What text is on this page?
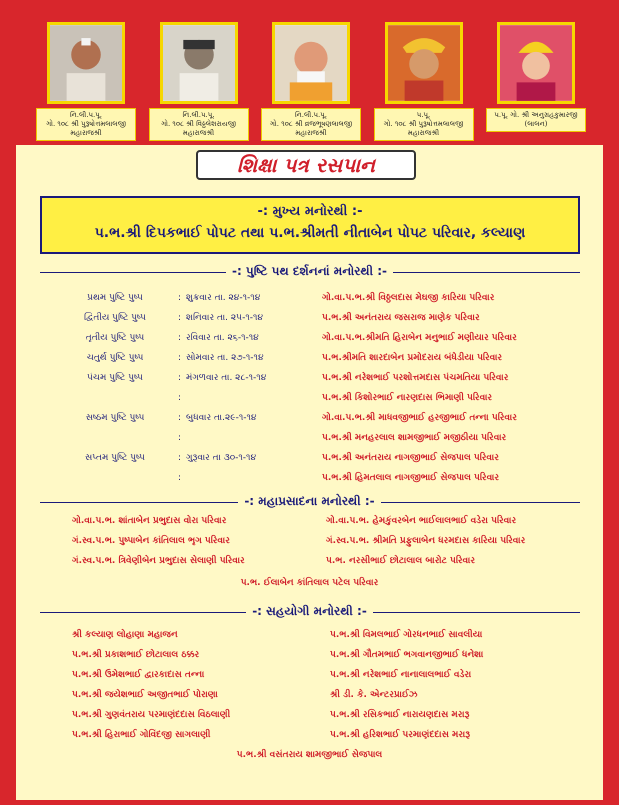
નિ.લી.પ.પૂ.
ગો. ૧૦૮ શ્રી પુરૂષોત્તમલાલજી
મહારાજશ્રી
નિ.લી.પ.પૂ.
ગો. ૧૦૮ શ્રી વિઠ્ઠલેશરાયજી
મહારાજશ્રી
નિ.લી.પ.પૂ.
ગો. ૧૦૮ શ્રી વ્રજભૂષણલાલજી
મહારાજશ્રી
પ.પૂ.
ગો. ૧૦૮ શ્રી પુરૂષોત્તમલાલજી
મહારાજશ્રી
પ.પૂ. ગો. શ્રી અનુગ્રહકુમારજી
(લાલન)
શિક્ષા પત્ર રસપાન
-: મુખ્ય મનોરથી :-
પ.ભ.શ્રી દિપકભાઈ પોપટ તથા પ.ભ.શ્રીમતી નીતાબેન પોપટ પરિવાર, કલ્યાણ
-: પુષ્ટિ પથ દર્શનનાં મનોરથી :-
પ્રથમ પુષ્ટિ પુષ્પ	: શુક્રવાર તા. ૨૪-૧-૧૪	ગો.વા.પ.ભ.શ્રી વિઠ્ઠલદાસ મેઘજી કારિયા પરિવાર
દ્વિતીય પુષ્ટિ પુષ્પ	: શનિવાર તા. ૨૫-૧-૧૪	પ.ભ.શ્રી અનંતરાય જસરાજ માણેક પરિવાર
તૃતીય પુષ્ટિ પુષ્પ	: રવિવાર તા. ૨૬-૧-૧૪	ગો.વા.પ.ભ.શ્રીમતિ હિરાબેન મનુભાઈ મણીયાર પરિવાર
ચતુર્થ પુષ્ટિ પુષ્પ	: સોમવાર તા. ૨૭-૧-૧૪	પ.ભ.શ્રીમતિ શારદાબેન પ્રમોદરાય બંધેડીયા પરિવાર
પંચમ પુષ્ટિ પુષ્પ	: મંગળવાર તા. ૨૮-૧-૧૪	પ.ભ.શ્રી નરેશભાઈ પરશોત્તમદાસ પંચમતિયા પરિવાર
:	પ.ભ.શ્રી કિશોરભાઈ નારણદાસ ભિમાણી પરિવાર
સષ્ઠમ પુષ્ટિ પુષ્પ	: બુધવાર તા.૨૯-૧-૧૪	ગો.વા.પ.ભ.શ્રી માધવજીભાઈ હરજીભાઈ તન્ના પરિવાર
:	પ.ભ.શ્રી મનહરલાલ શામજીભાઈ મજીઠીયા પરિવાર
સપ્તમ પુષ્ટિ પુષ્પ	: ગુરૂવાર તા ૩૦-૧-૧૪	પ.ભ.શ્રી અનંતરાય નાગજીભાઈ સેજપાલ પરિવાર
:	પ.ભ.શ્રી હિમતલાલ નાગજીભાઈ સેજપાલ પરિવાર
-: મહાપ્રસાદના મનોરથી :-
ગો.વા.પ.ભ. શાંતાબેન પ્રભુદાસ વોરા પરિવાર
ગં.સ્વ.પ.ભ. પુષ્પાબેન કાંતિલાલ ભૃગ પરિવાર
ગં.સ્વ.પ.ભ. ત્રિવેણીબેન પ્રભુદાસ સેલાણી પરિવાર
ગો.વા.પ.ભ. હેમકુંવરબેન ભાઈલાલભાઈ વડેરા પરિવાર
ગં.સ્વ.પ.ભ. શ્રીમતિ પ્રફુલાબેન ધરમદાસ કારિયા પરિવાર
પ.ભ. નરસીભાઈ છોટાલાલ બારોટ પરિવાર
પ.ભ. ઈલાબેન કાંતિલાલ પટેલ પરિવાર
-: સહયોગી મનોરથી :-
શ્રી કલ્યાણ લોહાણા મહાજન
પ.ભ.શ્રી પ્રકાશભાઈ છોટાલાલ ઠક્કર
પ.ભ.શ્રી ઉમેશભાઈ દ્વારકાદાસ તન્ના
પ.ભ.શ્રી જયેશભાઈ અજીતભાઈ પોરાણા
પ.ભ.શ્રી ગુણવંતરાય પરમાણંદદાસ વિઠલાણી
પ.ભ.શ્રી હિરાભાઈ ગોવિંદજી સાગલાણી
પ.ભ.શ્રી વિમલભાઈ ગોરધનભાઈ સાવલીયા
પ.ભ.શ્રી ગૌતમભાઈ ભગવાનજીભાઈ ધનેશા
પ.ભ.શ્રી નરેશભાઈ નાનાલાલભાઈ વડેરા
શ્રી ડી. કે. એન્ટરપ્રાઈઝ
પ.ભ.શ્રી રસિકભાઈ નારાયણદાસ મરારૂ
પ.ભ.શ્રી હરિશભાઈ પરમાણંદદાસ મરારૂ
પ.ભ.શ્રી વસંતરાય શામજીભાઈ સેજપાલ
